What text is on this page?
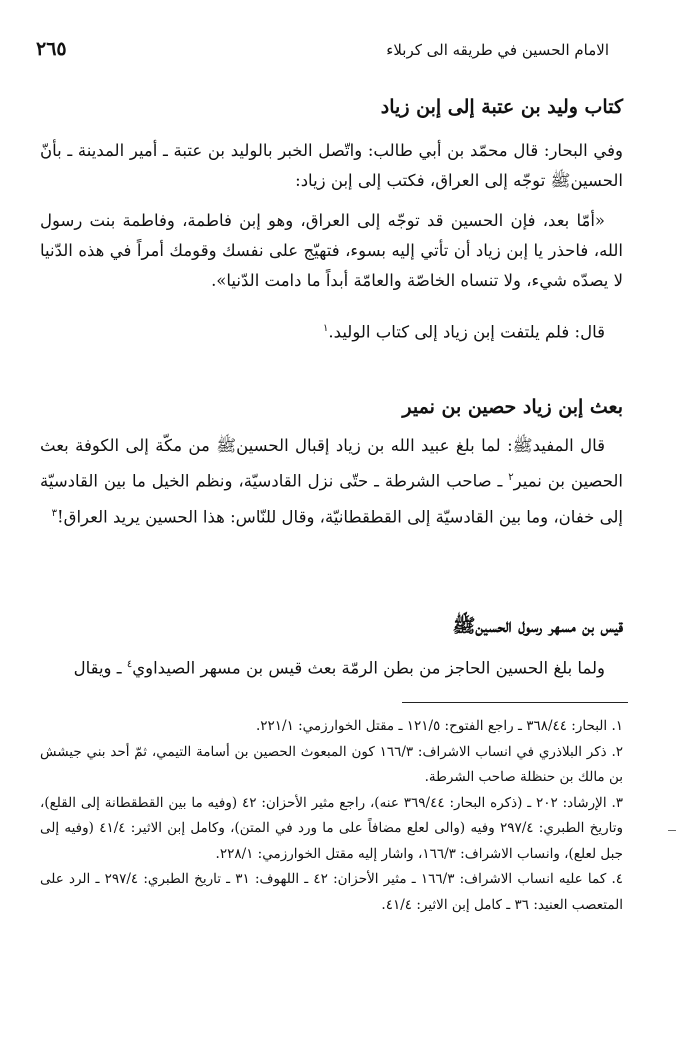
الامام الحسين في طريقه الى كربلاء
٢٦٥
كتاب وليد بن عتبة إلى إبن زياد

وفي البحار: قال محمّد بن أبي طالب: واتّصل الخبر بالوليد بن عتبة ـ أمير المدينة ـ بأنّ الحسين‌ﷺ توجّه إلى العراق، فكتب إلى إبن زياد:

«أمّا بعد، فإن الحسين قد توجّه إلى العراق، وهو إبن فاطمة، وفاطمة بنت رسول الله، فاحذر يا إبن زياد أن تأتي إليه بسوء، فتهيّج على نفسك وقومك أمراً في هذه الدّنيا لا يصدّه شيء، ولا تنساه الخاصّة والعامّة أبداً ما دامت الدّنيا».

قال: فلم يلتفت إبن زياد إلى كتاب الوليد.$^١$

بعث إبن زياد حصين بن نمير

قال المفيد‌ﷺ: لما بلغ عبيد الله بن زياد إقبال الحسين‌ﷺ من مكّة إلى الكوفة بعث الحصين بن نمير$^٢$ ـ صاحب الشرطة ـ حتّى نزل القادسيّة، ونظم الخيل ما بين القادسيّة إلى خفان، وما بين القادسيّة إلى القطقطانيّة، وقال للنّاس: هذا الحسين يريد العراق!$^٣$

قيس بن مسهر رسول الحسين‌ﷺ

ولما بلغ الحسين الحاجز من بطن الرمّة بعث قيس بن مسهر الصيداوي$^٤$ ـ ويقال

١. البحار: ٣٦٨/٤٤ ـ راجع الفتوح: ١٢١/٥ ـ مقتل الخوارزمي: ٢٢١/١.

٢. ذكر البلاذري في انساب الاشراف: ١٦٦/٣ كون المبعوث الحصين بن أسامة التيمي، ثمّ أحد بني جيشش بن مالك بن حنظلة صاحب الشرطة.

٣. الإرشاد: ٢٠٢ ـ (ذكره البحار: ٣٦٩/٤٤ عنه)، راجع مثير الأحزان: ٤٢ (وفيه ما بين القطقطانة إلى القلع)، وتاريخ الطبري: ٢٩٧/٤ وفيه (والى لعلع مضافاً على ما ورد في المتن)، وكامل إبن الاثير: ٤١/٤ (وفيه إلى جبل لعلع)، وانساب الاشراف: ١٦٦/٣، واشار إليه مقتل الخوارزمي: ٢٢٨/١.

٤. كما عليه انساب الاشراف: ١٦٦/٣ ـ مثير الأحزان: ٤٢ ـ اللهوف: ٣١ ـ تاريخ الطبري: ٢٩٧/٤ ـ الرد على المتعصب العنيد: ٣٦ ـ كامل إبن الاثير: ٤١/٤.
